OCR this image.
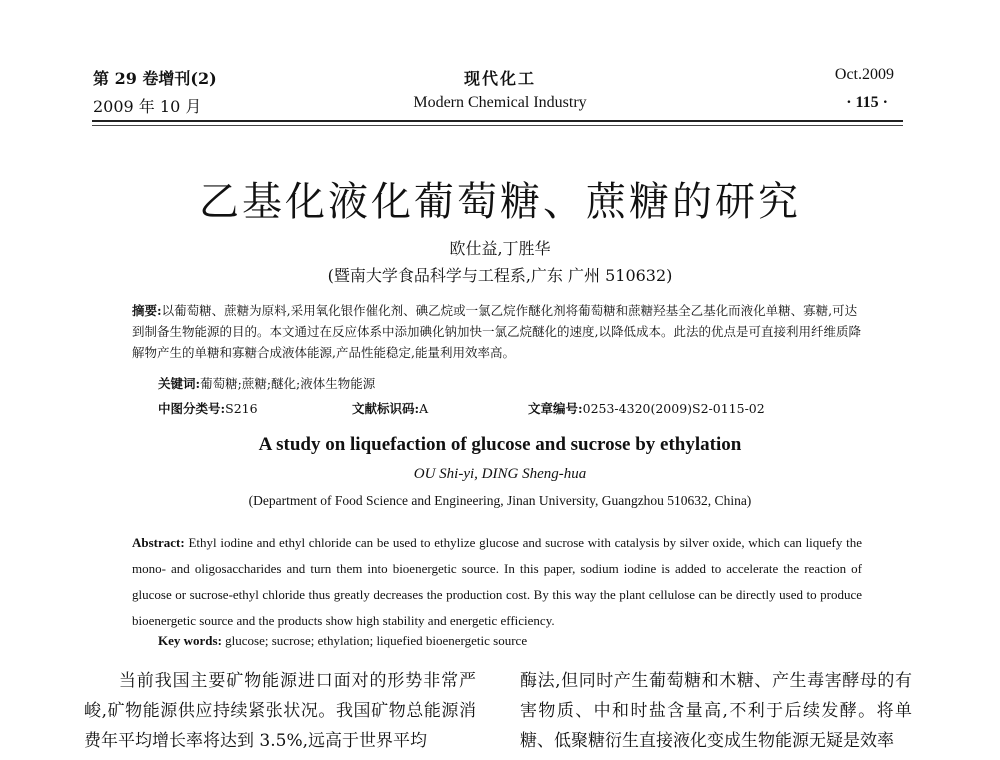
第 29 卷增刊(2)
2009 年 10 月
现代化工
Modern Chemical Industry
Oct.2009
· 115 ·
乙基化液化葡萄糖、蔗糖的研究
欧仕益,丁胜华
(暨南大学食品科学与工程系,广东 广州 510632)
摘要:以葡萄糖、蔗糖为原料,采用氧化银作催化剂、碘乙烷或一氯乙烷作醚化剂将葡萄糖和蔗糖羟基全乙基化而液化单糖、寡糖,可达到制备生物能源的目的。本文通过在反应体系中添加碘化钠加快一氯乙烷醚化的速度,以降低成本。此法的优点是可直接利用纤维质降解物产生的单糖和寡糖合成液体能源,产品性能稳定,能量利用效率高。
关键词:葡萄糖;蔗糖;醚化;液体生物能源
中图分类号:S216	文献标识码:A	文章编号:0253-4320(2009)S2-0115-02
A study on liquefaction of glucose and sucrose by ethylation
OU Shi-yi, DING Sheng-hua
(Department of Food Science and Engineering, Jinan University, Guangzhou 510632, China)
Abstract: Ethyl iodine and ethyl chloride can be used to ethylize glucose and sucrose with catalysis by silver oxide, which can liquefy the mono- and oligosaccharides and turn them into bioenergetic source. In this paper, sodium iodine is added to accelerate the reaction of glucose or sucrose-ethyl chloride thus greatly decreases the production cost. By this way the plant cellulose can be directly used to produce bioenergetic source and the products show high stability and energetic efficiency.
Key words: glucose; sucrose; ethylation; liquefied bioenergetic source
当前我国主要矿物能源进口面对的形势非常严峻,矿物能源供应持续紧张状况。我国矿物总能源消费年平均增长率将达到 3.5%,远高于世界平均
酶法,但同时产生葡萄糖和木糖、产生毒害酵母的有害物质、中和时盐含量高,不利于后续发酵。将单糖、低聚糖衍生直接液化变成生物能源无疑是效率
